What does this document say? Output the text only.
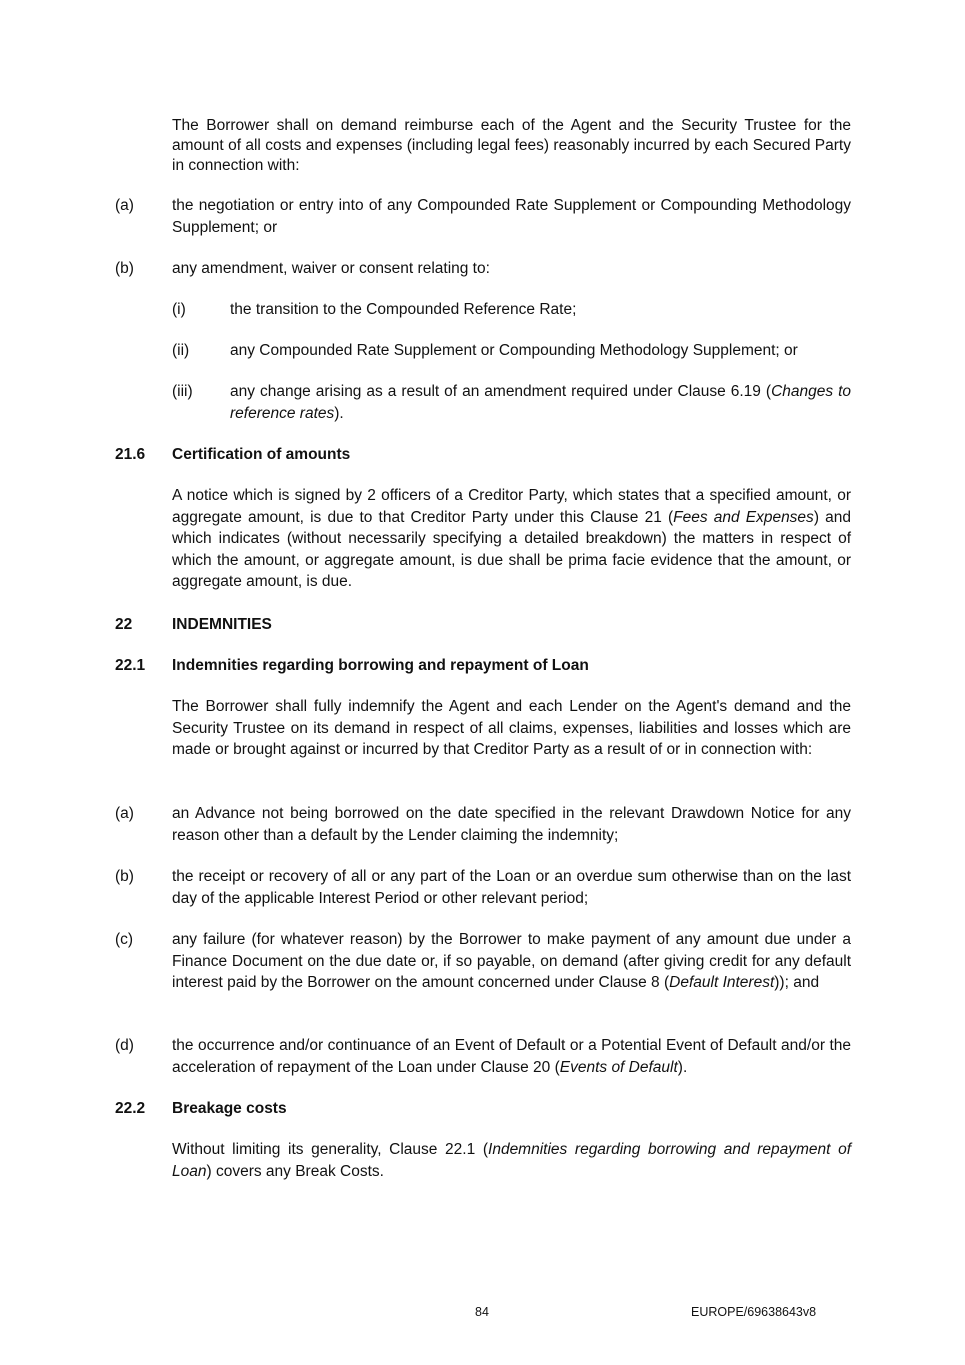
The Borrower shall on demand reimburse each of the Agent and the Security Trustee for the amount of all costs and expenses (including legal fees) reasonably incurred by each Secured Party in connection with:
(a) the negotiation or entry into of any Compounded Rate Supplement or Compounding Methodology Supplement; or
(b) any amendment, waiver or consent relating to:
(i)	the transition to the Compounded Reference Rate;
(ii)	any Compounded Rate Supplement or Compounding Methodology Supplement; or
(iii) any change arising as a result of an amendment required under Clause 6.19 (Changes to reference rates).
21.6 Certification of amounts
A notice which is signed by 2 officers of a Creditor Party, which states that a specified amount, or aggregate amount, is due to that Creditor Party under this Clause 21 (Fees and Expenses) and which indicates (without necessarily specifying a detailed breakdown) the matters in respect of which the amount, or aggregate amount, is due shall be prima facie evidence that the amount, or aggregate amount, is due.
22	INDEMNITIES
22.1 Indemnities regarding borrowing and repayment of Loan
The Borrower shall fully indemnify the Agent and each Lender on the Agent's demand and the Security Trustee on its demand in respect of all claims, expenses, liabilities and losses which are made or brought against or incurred by that Creditor Party as a result of or in connection with:
(a) an Advance not being borrowed on the date specified in the relevant Drawdown Notice for any reason other than a default by the Lender claiming the indemnity;
(b) the receipt or recovery of all or any part of the Loan or an overdue sum otherwise than on the last day of the applicable Interest Period or other relevant period;
(c)	any failure (for whatever reason) by the Borrower to make payment of any amount due under a Finance Document on the due date or, if so payable, on demand (after giving credit for any default interest paid by the Borrower on the amount concerned under Clause 8 (Default Interest)); and
(d) the occurrence and/or continuance of an Event of Default or a Potential Event of Default and/or the acceleration of repayment of the Loan under Clause 20 (Events of Default).
22.2 Breakage costs
Without limiting its generality, Clause 22.1 (Indemnities regarding borrowing and repayment of Loan) covers any Break Costs.
84	EUROPE/69638643v8
